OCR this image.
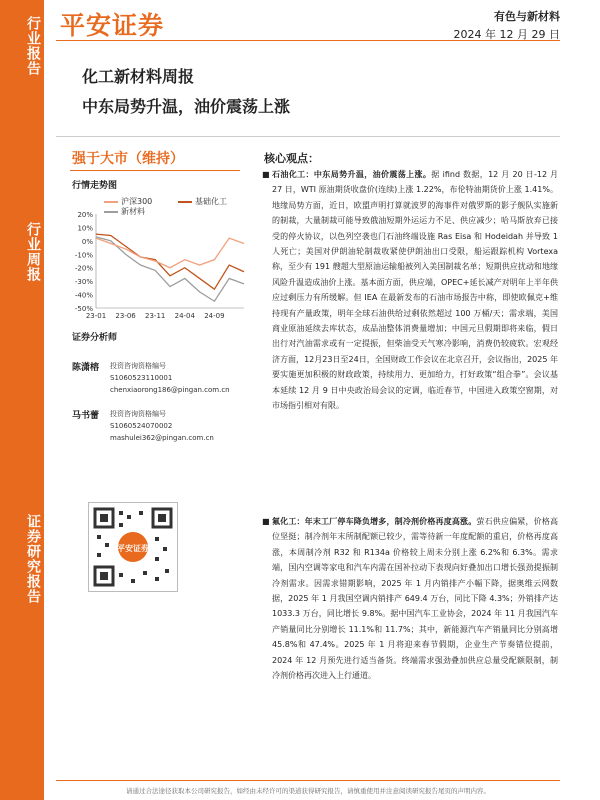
行业报告
行业周报
证券研究报告
平安证券	有色与新材料
2024 年 12 月 29 日
化工新材料周报
中东局势升温，油价震荡上涨
强于大市（维持）
行情走势图
沪深300	基础化工
新材料
20%
10%
0%
-10%
-20%
-30%
-40%
-50%
23-01 23-06 23-11 24-04 24-09
证券分析师
陈潇榕 投资咨询资格编号
S1060523110001
chenxiaorong186@pingan.com.cn
马书蕾 投资咨询资格编号
S1060524070002
mashulei362@pingan.com.cn
平安证券
核心观点：
■ 石油化工：中东局势升温，油价震荡上涨。据 ifind 数据，12 月 20 日-12 月 27 日，WTI 原油期货收盘价(连续)上涨 1.22%，布伦特油期货价上涨 1.41%。地缘局势方面，近日，欧盟声明打算就波罗的海事件对俄罗斯的影子舰队实施新的制裁，大量制裁可能导致俄油短期外运运力不足、供应减少；哈马斯放弃已接受的停火协议，以色列空袭也门石油终端设施 Ras Eisa 和 Hodeidah 并导致 1 人死亡；美国对伊朗油轮制裁收紧使伊朗油出口受限，船运跟踪机构 Vortexa 称，至少有 191 艘超大型原油运输船被列入美国制裁名单；短期供应扰动和地缘风险升温造成油价上涨。基本面方面，供应端，OPEC+延长减产对明年上半年供应过剩压力有所缓解。但 IEA 在最新发布的石油市场报告中称，即使欧佩克+维持现有产量政策，明年全球石油供给过剩依然超过 100 万桶/天；需求端，美国商业原油延续去库状态，成品油整体消费量增加；中国元旦假期即将来临，假日出行对汽油需求或有一定提振，但柴油受天气寒冷影响，消费仍较疲软。宏观经济方面，12月23日至24日，全国财政工作会议在北京召开，会议指出，2025 年要实施更加积极的财政政策，持续用力、更加给力，打好政策“组合拳”。会议基本延续 12 月 9 日中央政治局会议的定调，临近春节，中国进入政策空窗期，对市场指引相对有限。
■ 氟化工：年末工厂停车降负增多，制冷剂价格再度高涨。萤石供应偏紧，价格高位坚挺；制冷剂年末所制配额已较少，需等待新一年度配额的重启，价格再度高涨，本周制冷剂 R32 和 R134a 价格较上周未分别上涨 6.2%和 6.3%。需求端，国内空调等家电和汽车内需在国补拉动下表现向好叠加出口增长强劲提振制冷剂需求。因需求错期影响，2025 年 1 月内销排产小幅下降，据奥维云网数据，2025 年 1 月我国空调内销排产 649.4 万台，同比下降 4.3%；外销排产达 1033.3 万台，同比增长 9.8%。据中国汽车工业协会，2024 年 11 月我国汽车产销量同比分别增长 11.1%和 11.7%；其中，新能源汽车产销量同比分别高增 45.8%和 47.4%。2025 年 1 月将迎来春节假期，企业生产节奏错位提前，2024 年 12 月预先进行适当备货。终端需求强劲叠加供应总量受配额限制，制冷剂价格再次进入上行通道。
请通过合法途径获取本公司研究报告，如经由未经许可的渠道获得研究报告，请慎重使用并注意阅读研究报告尾页的声明内容。
